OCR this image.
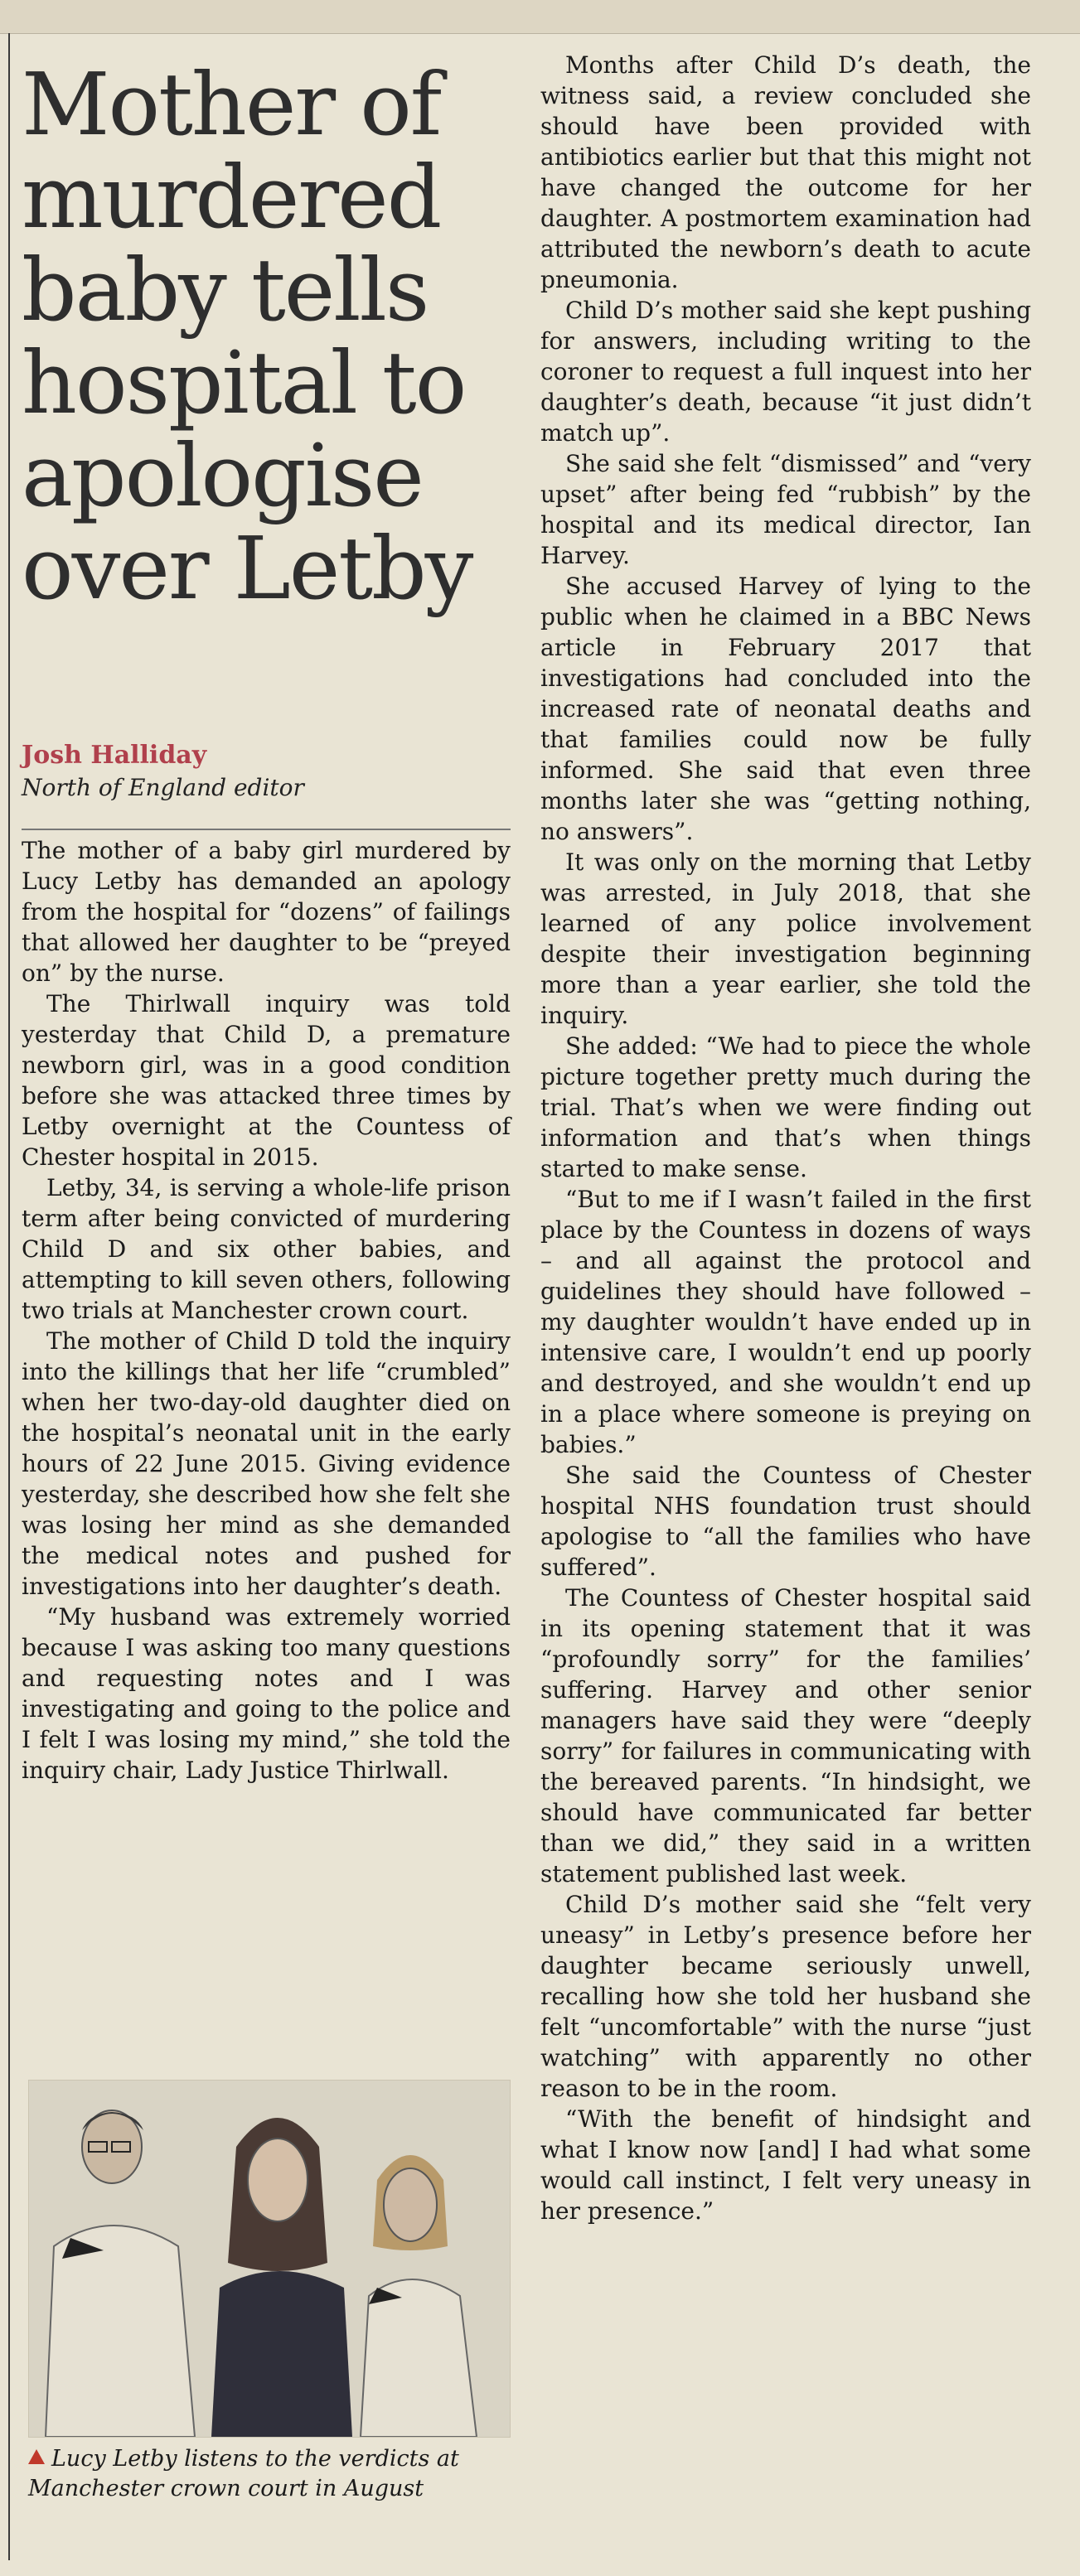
Mother of murdered baby tells hospital to apologise over Letby
Josh Halliday
North of England editor

The mother of a baby girl murdered by Lucy Letby has demanded an apology from the hospital for “dozens” of failings that allowed her daughter to be “preyed on” by the nurse.

The Thirlwall inquiry was told yesterday that Child D, a premature newborn girl, was in a good condition before she was attacked three times by Letby overnight at the Countess of Chester hospital in 2015.

Letby, 34, is serving a whole-life prison term after being convicted of murdering Child D and six other babies, and attempting to kill seven others, following two trials at Manchester crown court.

The mother of Child D told the inquiry into the killings that her life “crumbled” when her two-day-old daughter died on the hospital’s neonatal unit in the early hours of 22 June 2015. Giving evidence yesterday, she described how she felt she was losing her mind as she demanded the medical notes and pushed for investigations into her daughter’s death.

“My husband was extremely worried because I was asking too many questions and requesting notes and I was investigating and going to the police and I felt I was losing my mind,” she told the inquiry chair, Lady Justice Thirlwall.

Lucy Letby listens to the verdicts at Manchester crown court in August

Months after Child D’s death, the witness said, a review concluded she should have been provided with antibiotics earlier but that this might not have changed the outcome for her daughter. A postmortem examination had attributed the newborn’s death to acute pneumonia.

Child D’s mother said she kept pushing for answers, including writing to the coroner to request a full inquest into her daughter’s death, because “it just didn’t match up”.

She said she felt “dismissed” and “very upset” after being fed “rubbish” by the hospital and its medical director, Ian Harvey.

She accused Harvey of lying to the public when he claimed in a BBC News article in February 2017 that investigations had concluded into the increased rate of neonatal deaths and that families could now be fully informed. She said that even three months later she was “getting nothing, no answers”.

It was only on the morning that Letby was arrested, in July 2018, that she learned of any police involvement despite their investigation beginning more than a year earlier, she told the inquiry.

She added: “We had to piece the whole picture together pretty much during the trial. That’s when we were finding out information and that’s when things started to make sense.

“But to me if I wasn’t failed in the first place by the Countess in dozens of ways – and all against the protocol and guidelines they should have followed – my daughter wouldn’t have ended up in intensive care, I wouldn’t end up poorly and destroyed, and she wouldn’t end up in a place where someone is preying on babies.”

She said the Countess of Chester hospital NHS foundation trust should apologise to “all the families who have suffered”.

The Countess of Chester hospital said in its opening statement that it was “profoundly sorry” for the families’ suffering. Harvey and other senior managers have said they were “deeply sorry” for failures in communicating with the bereaved parents. “In hindsight, we should have communicated far better than we did,” they said in a written statement published last week.

Child D’s mother said she “felt very uneasy” in Letby’s presence before her daughter became seriously unwell, recalling how she told her husband she felt “uncomfortable” with the nurse “just watching” with apparently no other reason to be in the room.

“With the benefit of hindsight and what I know now [and] I had what some would call instinct, I felt very uneasy in her presence.”
